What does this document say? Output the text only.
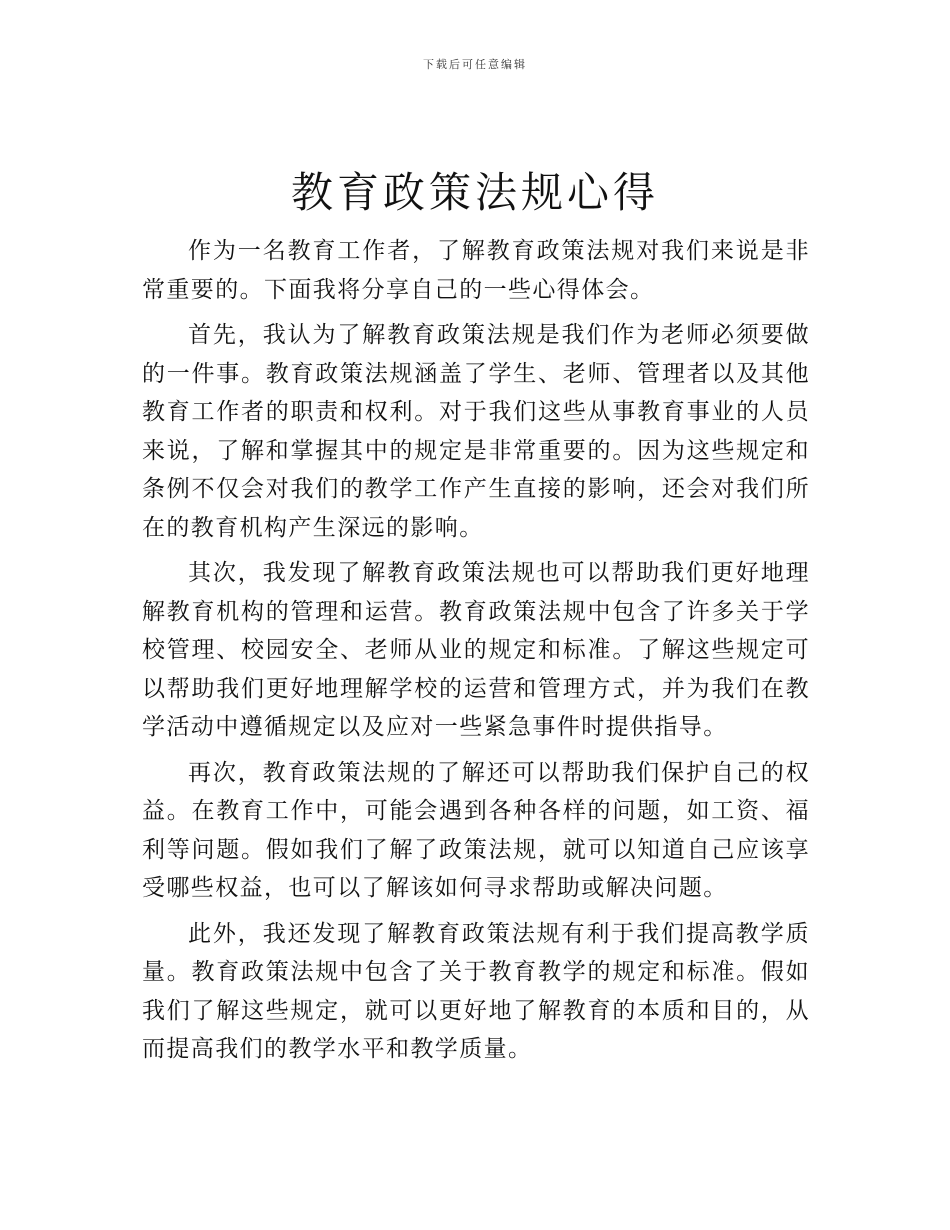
下载后可任意编辑
教育政策法规心得

作为一名教育工作者，了解教育政策法规对我们来说是非常重要的。下面我将分享自己的一些心得体会。

首先，我认为了解教育政策法规是我们作为老师必须要做的一件事。教育政策法规涵盖了学生、老师、管理者以及其他教育工作者的职责和权利。对于我们这些从事教育事业的人员来说，了解和掌握其中的规定是非常重要的。因为这些规定和条例不仅会对我们的教学工作产生直接的影响，还会对我们所在的教育机构产生深远的影响。

其次，我发现了解教育政策法规也可以帮助我们更好地理解教育机构的管理和运营。教育政策法规中包含了许多关于学校管理、校园安全、老师从业的规定和标准。了解这些规定可以帮助我们更好地理解学校的运营和管理方式，并为我们在教学活动中遵循规定以及应对一些紧急事件时提供指导。

再次，教育政策法规的了解还可以帮助我们保护自己的权益。在教育工作中，可能会遇到各种各样的问题，如工资、福利等问题。假如我们了解了政策法规，就可以知道自己应该享受哪些权益，也可以了解该如何寻求帮助或解决问题。

此外，我还发现了解教育政策法规有利于我们提高教学质量。教育政策法规中包含了关于教育教学的规定和标准。假如我们了解这些规定，就可以更好地了解教育的本质和目的，从而提高我们的教学水平和教学质量。
